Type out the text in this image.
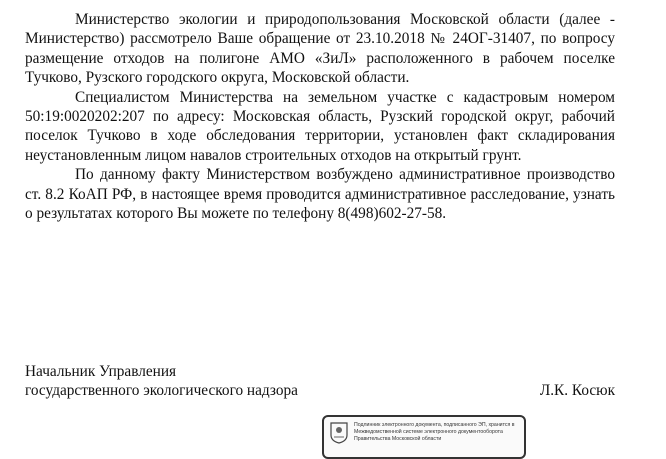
Министерство экологии и природопользования Московской области (далее - Министерство) рассмотрело Ваше обращение от 23.10.2018 № 24ОГ-31407, по вопросу размещение отходов на полигоне АМО «ЗиЛ» расположенного в рабочем поселке Тучково, Рузского городского округа, Московской области.

Специалистом Министерства на земельном участке с кадастровым номером 50:19:0020202:207 по адресу: Московская область, Рузский городской округ, рабочий поселок Тучково в ходе обследования территории, установлен факт складирования неустановленным лицом навалов строительных отходов на открытый грунт.

По данному факту Министерством возбуждено административное производство ст. 8.2 КоАП РФ, в настоящее время проводится административное расследование, узнать о результатах которого Вы можете по телефону 8(498)602-27-58.

Начальник Управления
государственного экологического надзора	Л.К. Косюк
Подлинник электронного документа, подписанного ЭП, хранится в Межведомственной системе электронного документооборота Правительства Московской области
